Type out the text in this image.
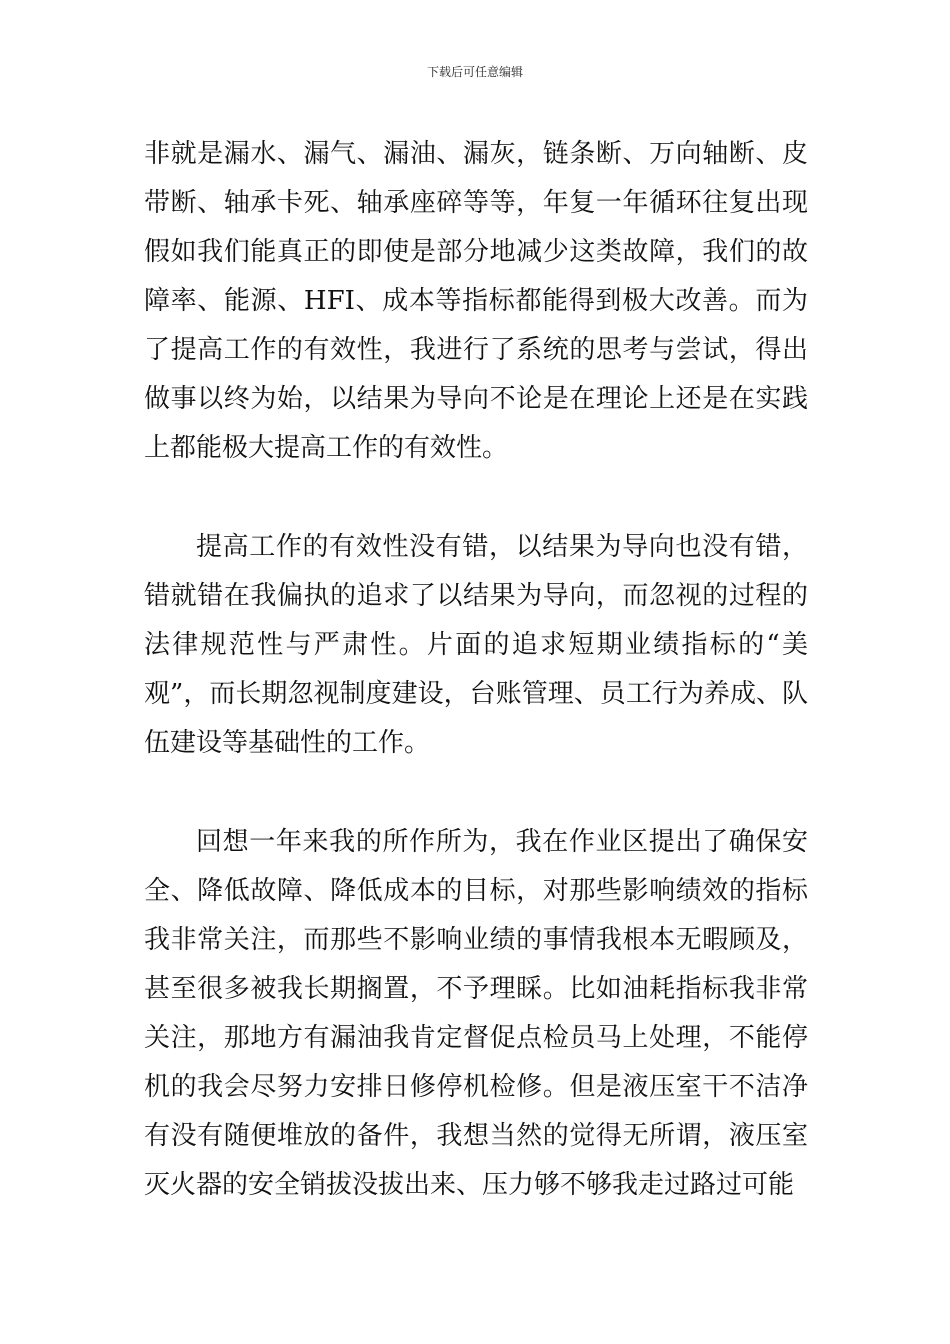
下载后可任意编辑

非就是漏水、漏气、漏油、漏灰，链条断、万向轴断、皮带断、轴承卡死、轴承座碎等等，年复一年循环往复出现假如我们能真正的即使是部分地减少这类故障，我们的故障率、能源、HFI、成本等指标都能得到极大改善。而为了提高工作的有效性，我进行了系统的思考与尝试，得出做事以终为始，以结果为导向不论是在理论上还是在实践上都能极大提高工作的有效性。

提高工作的有效性没有错，以结果为导向也没有错，错就错在我偏执的追求了以结果为导向，而忽视的过程的法律规范性与严肃性。片面的追求短期业绩指标的“美观”，而长期忽视制度建设，台账管理、员工行为养成、队伍建设等基础性的工作。

回想一年来我的所作所为，我在作业区提出了确保安全、降低故障、降低成本的目标，对那些影响绩效的指标我非常关注，而那些不影响业绩的事情我根本无暇顾及，甚至很多被我长期搁置，不予理睬。比如油耗指标我非常关注，那地方有漏油我肯定督促点检员马上处理，不能停机的我会尽努力安排日修停机检修。但是液压室干不洁净有没有随便堆放的备件，我想当然的觉得无所谓，液压室灭火器的安全销拔没拔出来、压力够不够我走过路过可能
